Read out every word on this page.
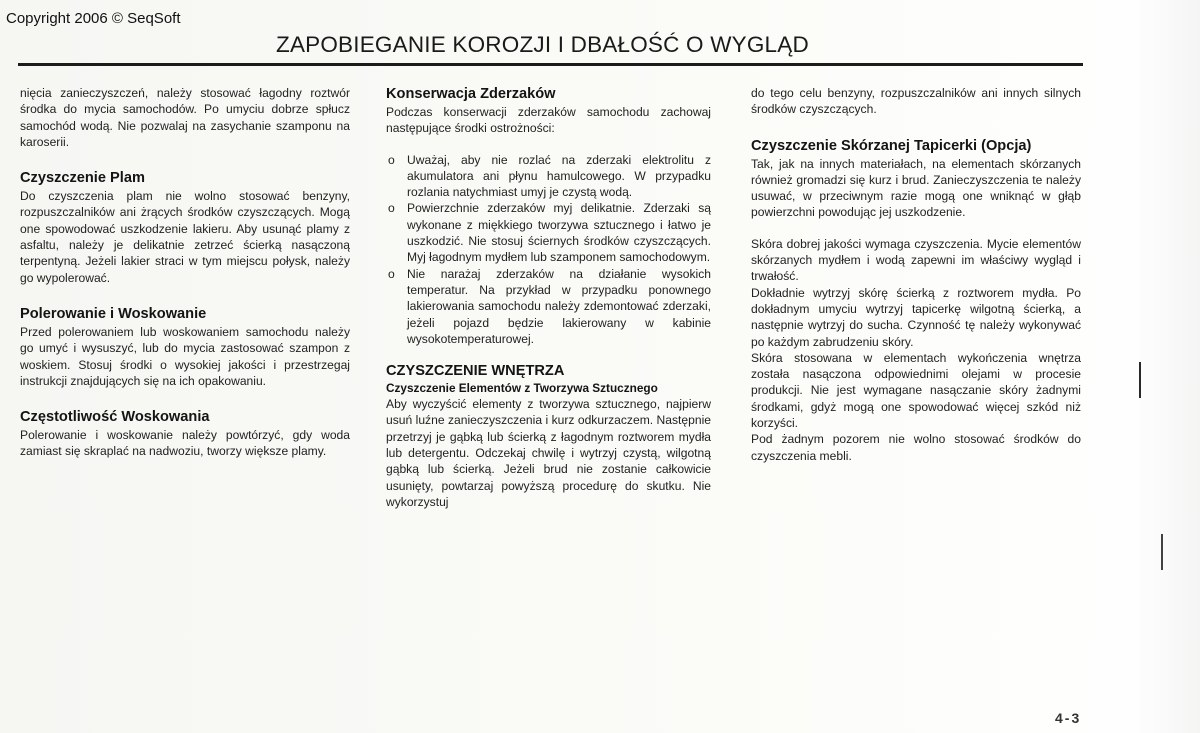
Copyright 2006 © SeqSoft
ZAPOBIEGANIE KOROZJI I DBAŁOŚĆ O WYGLĄD

nięcia zanieczyszczeń, należy stosować łagodny roztwór środka do mycia samochodów. Po umyciu dobrze spłucz samochód wodą. Nie pozwalaj na zasychanie szamponu na karoserii.

Czyszczenie Plam

Do czyszczenia plam nie wolno stosować benzyny, rozpuszczalników ani żrących środków czyszczących. Mogą one spowodować uszkodzenie lakieru. Aby usunąć plamy z asfaltu, należy je delikatnie zetrzeć ścierką nasączoną terpentyną. Jeżeli lakier straci w tym miejscu połysk, należy go wypolerować.

Polerowanie i Woskowanie

Przed polerowaniem lub woskowaniem samochodu należy go umyć i wysuszyć, lub do mycia zastosować szampon z woskiem. Stosuj środki o wysokiej jakości i przestrzegaj instrukcji znajdujących się na ich opakowaniu.

Częstotliwość Woskowania

Polerowanie i woskowanie należy powtórzyć, gdy woda zamiast się skraplać na nadwoziu, tworzy większe plamy.

Konserwacja Zderzaków

Podczas konserwacji zderzaków samochodu zachowaj następujące środki ostrożności:

o Uważaj, aby nie rozlać na zderzaki elektrolitu z akumulatora ani płynu hamulcowego. W przypadku rozlania natychmiast umyj je czystą wodą.
o Powierzchnie zderzaków myj delikatnie. Zderzaki są wykonane z miękkiego tworzywa sztucznego i łatwo je uszkodzić. Nie stosuj ściernych środków czyszczących. Myj łagodnym mydłem lub szamponem samochodowym.
o Nie narażaj zderzaków na działanie wysokich temperatur. Na przykład w przypadku ponownego lakierowania samochodu należy zdemontować zderzaki, jeżeli pojazd będzie lakierowany w kabinie wysokotemperaturowej.
CZYSZCZENIE WNĘTRZA
Czyszczenie Elementów z Tworzywa Sztucznego

Aby wyczyścić elementy z tworzywa sztucznego, najpierw usuń luźne zanieczyszczenia i kurz odkurzaczem. Następnie przetrzyj je gąbką lub ścierką z łagodnym roztworem mydła lub detergentu. Odczekaj chwilę i wytrzyj czystą, wilgotną gąbką lub ścierką. Jeżeli brud nie zostanie całkowicie usunięty, powtarzaj powyższą procedurę do skutku. Nie wykorzystuj

do tego celu benzyny, rozpuszczalników ani innych silnych środków czyszczących.

Czyszczenie Skórzanej Tapicerki (Opcja)

Tak, jak na innych materiałach, na elementach skórzanych również gromadzi się kurz i brud. Zanieczyszczenia te należy usuwać, w przeciwnym razie mogą one wniknąć w głąb powierzchni powodując jej uszkodzenie.

Skóra dobrej jakości wymaga czyszczenia. Mycie elementów skórzanych mydłem i wodą zapewni im właściwy wygląd i trwałość.

Dokładnie wytrzyj skórę ścierką z roztworem mydła. Po dokładnym umyciu wytrzyj tapicerkę wilgotną ścierką, a następnie wytrzyj do sucha. Czynność tę należy wykonywać po każdym zabrudzeniu skóry.

Skóra stosowana w elementach wykończenia wnętrza została nasączona odpowiednimi olejami w procesie produkcji. Nie jest wymagane nasączanie skóry żadnymi środkami, gdyż mogą one spowodować więcej szkód niż korzyści.

Pod żadnym pozorem nie wolno stosować środków do czyszczenia mebli.

4-3
